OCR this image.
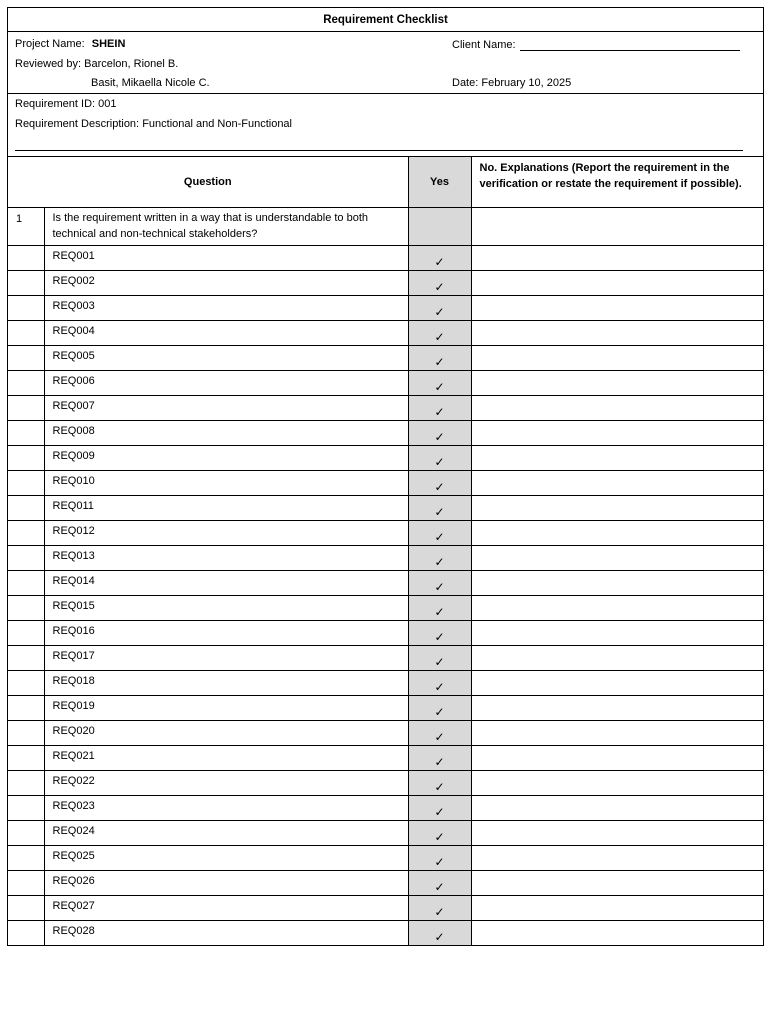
Requirement Checklist
Project Name: SHEIN	Client Name:
Reviewed by: Barcelon, Rionel B.
Basit, Mikaella Nicole C.	Date: February 10, 2025
Requirement ID: 001
Requirement Description: Functional and Non-Functional
Question		Yes	No. Explanations (Report the requirement in the verification or restate the requirement if possible).
1	Is the requirement written in a way that is understandable to both technical and non-technical stakeholders?		
	REQ001	✓	
	REQ002	✓	
	REQ003	✓	
	REQ004	✓	
	REQ005	✓	
	REQ006	✓	
	REQ007	✓	
	REQ008	✓	
	REQ009	✓	
	REQ010	✓	
	REQ011	✓	
	REQ012	✓	
	REQ013	✓	
	REQ014	✓	
	REQ015	✓	
	REQ016	✓	
	REQ017	✓	
	REQ018	✓	
	REQ019	✓	
	REQ020	✓	
	REQ021	✓	
	REQ022	✓	
	REQ023	✓	
	REQ024	✓	
	REQ025	✓	
	REQ026	✓	
	REQ027	✓	
	REQ028	✓	
